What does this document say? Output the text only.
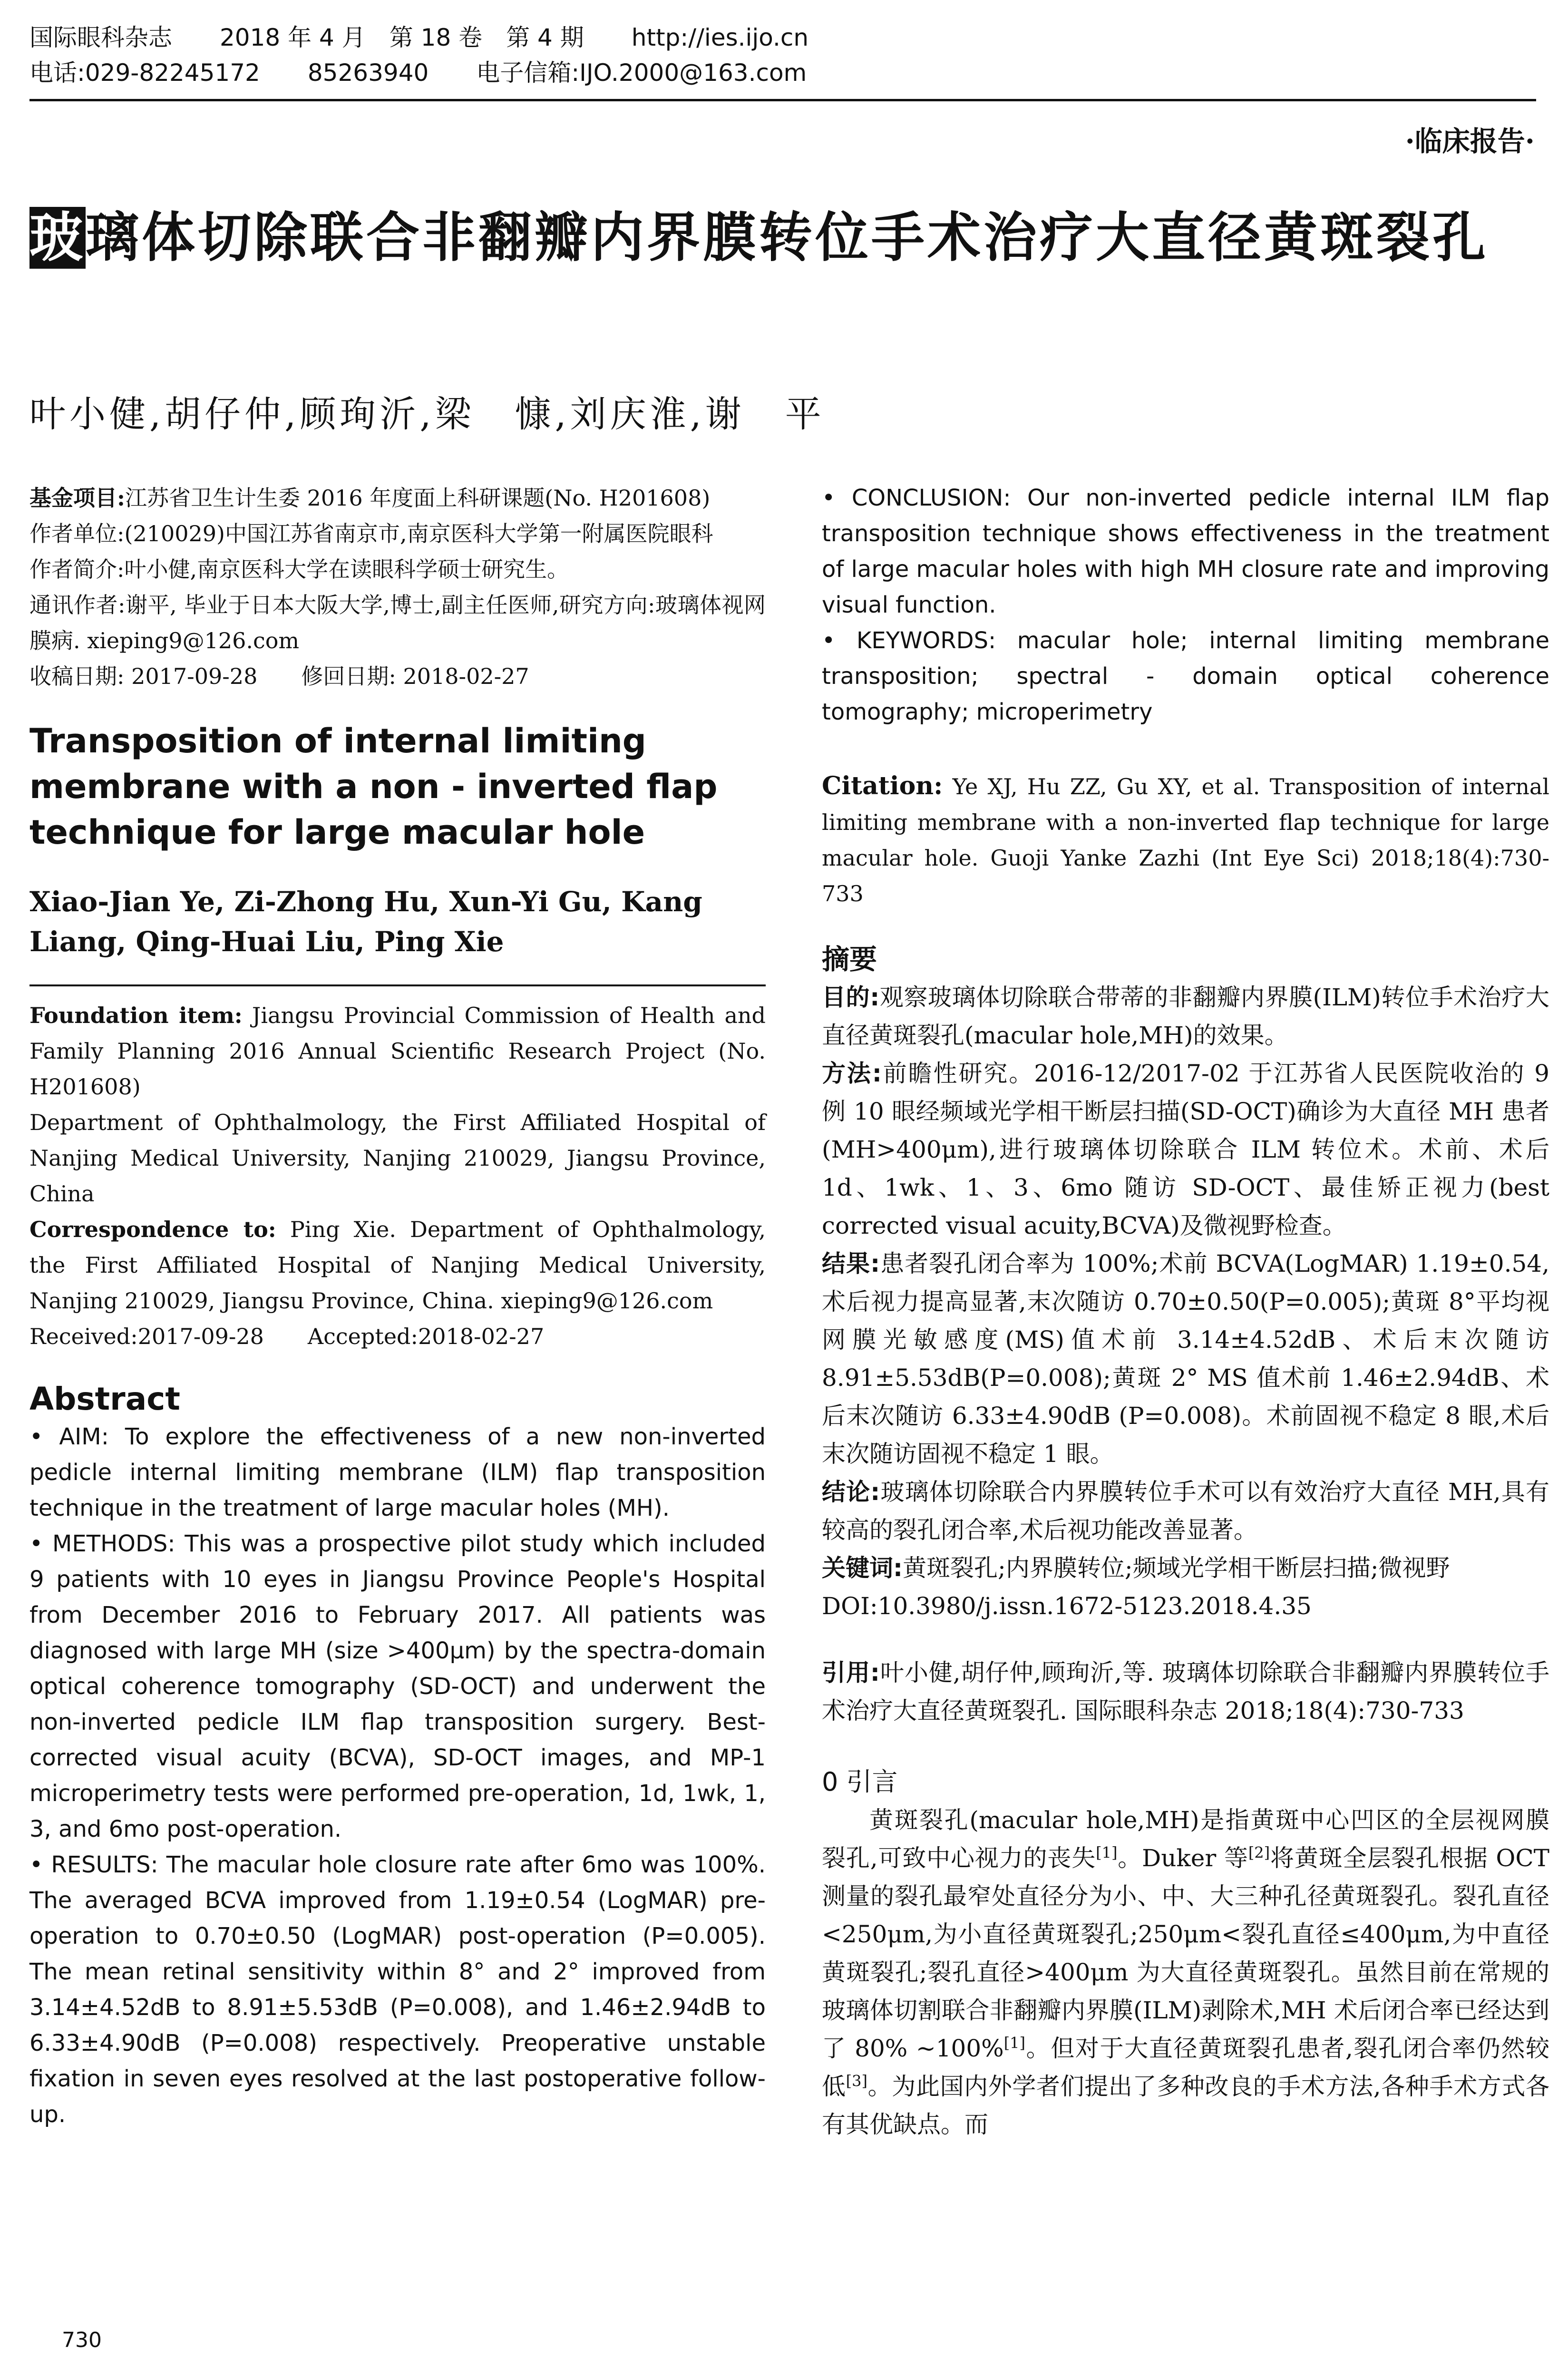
国际眼科杂志 2018 年 4 月　第 18 卷　第 4 期 http://ies.ijo.cn
电话:029-82245172 85263940 电子信箱:IJO.2000@163.com
·临床报告·
玻璃体切除联合非翻瓣内界膜转位手术治疗大直径黄斑裂孔
叶小健,胡仔仲,顾珣沂,梁　慷,刘庆淮,谢　平

基金项目:江苏省卫生计生委 2016 年度面上科研课题(No. H201608)

作者单位:(210029)中国江苏省南京市,南京医科大学第一附属医院眼科

作者简介:叶小健,南京医科大学在读眼科学硕士研究生。

通讯作者:谢平, 毕业于日本大阪大学,博士,副主任医师,研究方向:玻璃体视网膜病. xieping9@126.com

收稿日期: 2017-09-28　　修回日期: 2018-02-27

Transposition of internal limiting membrane with a non - inverted flap technique for large macular hole
Xiao-Jian Ye, Zi-Zhong Hu, Xun-Yi Gu, Kang Liang, Qing-Huai Liu, Ping Xie

Foundation item: Jiangsu Provincial Commission of Health and Family Planning 2016 Annual Scientific Research Project (No. H201608)

Department of Ophthalmology, the First Affiliated Hospital of Nanjing Medical University, Nanjing 210029, Jiangsu Province, China

Correspondence to: Ping Xie. Department of Ophthalmology, the First Affiliated Hospital of Nanjing Medical University, Nanjing 210029, Jiangsu Province, China. xieping9@126.com

Received:2017-09-28　　Accepted:2018-02-27

Abstract

• AIM: To explore the effectiveness of a new non-inverted pedicle internal limiting membrane (ILM) flap transposition technique in the treatment of large macular holes (MH).

• METHODS: This was a prospective pilot study which included 9 patients with 10 eyes in Jiangsu Province People's Hospital from December 2016 to February 2017. All patients was diagnosed with large MH (size >400μm) by the spectra-domain optical coherence tomography (SD-OCT) and underwent the non-inverted pedicle ILM flap transposition surgery. Best-corrected visual acuity (BCVA), SD-OCT images, and MP-1 microperimetry tests were performed pre-operation, 1d, 1wk, 1, 3, and 6mo post-operation.

• RESULTS: The macular hole closure rate after 6mo was 100%. The averaged BCVA improved from 1.19±0.54 (LogMAR) pre-operation to 0.70±0.50 (LogMAR) post-operation (P=0.005). The mean retinal sensitivity within 8° and 2° improved from 3.14±4.52dB to 8.91±5.53dB (P=0.008), and 1.46±2.94dB to 6.33±4.90dB (P=0.008) respectively. Preoperative unstable fixation in seven eyes resolved at the last postoperative follow-up.

• CONCLUSION: Our non-inverted pedicle internal ILM flap transposition technique shows effectiveness in the treatment of large macular holes with high MH closure rate and improving visual function.

• KEYWORDS: macular hole; internal limiting membrane transposition; spectral - domain optical coherence tomography; microperimetry

Citation: Ye XJ, Hu ZZ, Gu XY, et al. Transposition of internal limiting membrane with a non-inverted flap technique for large macular hole. Guoji Yanke Zazhi (Int Eye Sci) 2018;18(4):730-733

摘要

目的:观察玻璃体切除联合带蒂的非翻瓣内界膜(ILM)转位手术治疗大直径黄斑裂孔(macular hole,MH)的效果。

方法:前瞻性研究。2016-12/2017-02 于江苏省人民医院收治的 9 例 10 眼经频域光学相干断层扫描(SD-OCT)确诊为大直径 MH 患者(MH>400μm),进行玻璃体切除联合 ILM 转位术。术前、术后 1d、1wk、1、3、6mo 随访 SD-OCT、最佳矫正视力(best corrected visual acuity,BCVA)及微视野检查。

结果:患者裂孔闭合率为 100%;术前 BCVA(LogMAR) 1.19±0.54,术后视力提高显著,末次随访 0.70±0.50(P=0.005);黄斑 8°平均视网膜光敏感度(MS)值术前 3.14±4.52dB、术后末次随访 8.91±5.53dB(P=0.008);黄斑 2° MS 值术前 1.46±2.94dB、术后末次随访 6.33±4.90dB (P=0.008)。术前固视不稳定 8 眼,术后末次随访固视不稳定 1 眼。

结论:玻璃体切除联合内界膜转位手术可以有效治疗大直径 MH,具有较高的裂孔闭合率,术后视功能改善显著。

关键词:黄斑裂孔;内界膜转位;频域光学相干断层扫描;微视野

DOI:10.3980/j.issn.1672-5123.2018.4.35

引用:叶小健,胡仔仲,顾珣沂,等. 玻璃体切除联合非翻瓣内界膜转位手术治疗大直径黄斑裂孔. 国际眼科杂志 2018;18(4):730-733

0 引言

黄斑裂孔(macular hole,MH)是指黄斑中心凹区的全层视网膜裂孔,可致中心视力的丧失[1]。Duker 等[2]将黄斑全层裂孔根据 OCT 测量的裂孔最窄处直径分为小、中、大三种孔径黄斑裂孔。裂孔直径<250μm,为小直径黄斑裂孔;250μm<裂孔直径≤400μm,为中直径黄斑裂孔;裂孔直径>400μm 为大直径黄斑裂孔。虽然目前在常规的玻璃体切割联合非翻瓣内界膜(ILM)剥除术,MH 术后闭合率已经达到了 80% ~100%[1]。但对于大直径黄斑裂孔患者,裂孔闭合率仍然较低[3]。为此国内外学者们提出了多种改良的手术方法,各种手术方式各有其优缺点。而

730
